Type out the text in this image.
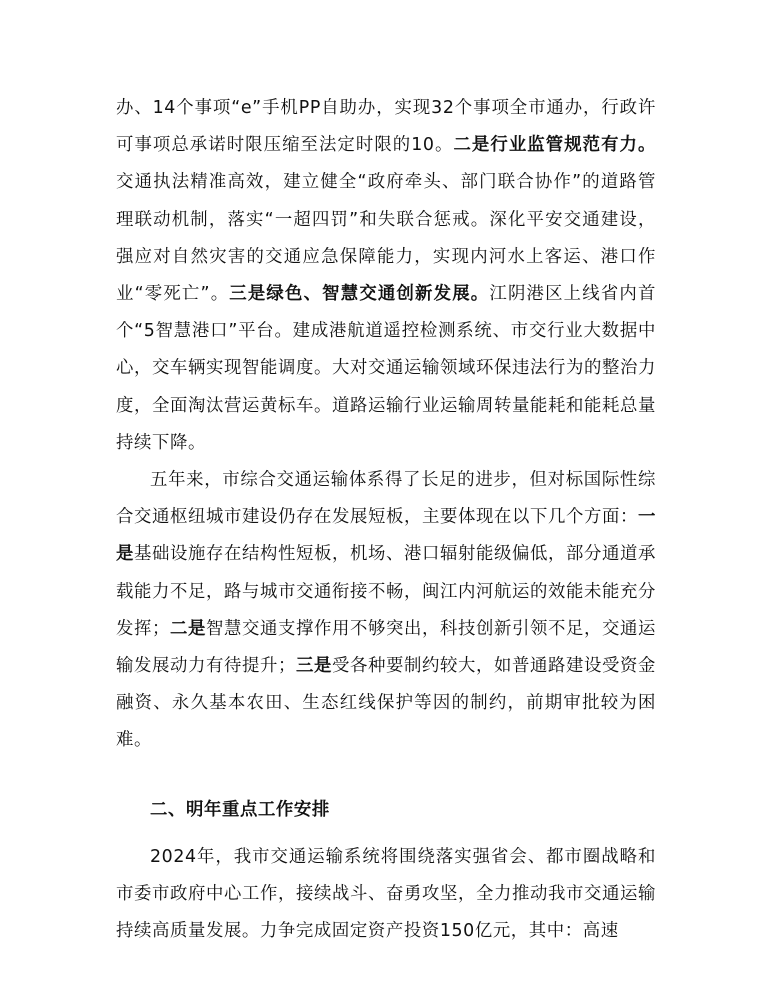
办、14个事项“e”手机PP自助办，实现32个事项全市通办，行政许可事项总承诺时限压缩至法定时限的10。二是行业监管规范有力。交通执法精准高效，建立健全“政府牵头、部门联合协作”的道路管理联动机制，落实“一超四罚”和失联合惩戒。深化平安交通建设，强应对自然灾害的交通应急保障能力，实现内河水上客运、港口作业“零死亡”。三是绿色、智慧交通创新发展。江阴港区上线省内首个“5智慧港口”平台。建成港航道遥控检测系统、市交行业大数据中心，交车辆实现智能调度。大对交通运输领域环保违法行为的整治力度，全面淘汰营运黄标车。道路运输行业运输周转量能耗和能耗总量持续下降。

五年来，市综合交通运输体系得了长足的进步，但对标国际性综合交通枢纽城市建设仍存在发展短板，主要体现在以下几个方面：一是基础设施存在结构性短板，机场、港口辐射能级偏低，部分通道承载能力不足，路与城市交通衔接不畅，闽江内河航运的效能未能充分发挥；二是智慧交通支撑作用不够突出，科技创新引领不足，交通运输发展动力有待提升；三是受各种要制约较大，如普通路建设受资金融资、永久基本农田、生态红线保护等因的制约，前期审批较为困难。

二、明年重点工作安排

2024年，我市交通运输系统将围绕落实强省会、都市圈战略和市委市政府中心工作，接续战斗、奋勇攻坚，全力推动我市交通运输持续高质量发展。力争完成固定资产投资150亿元，其中：高速
